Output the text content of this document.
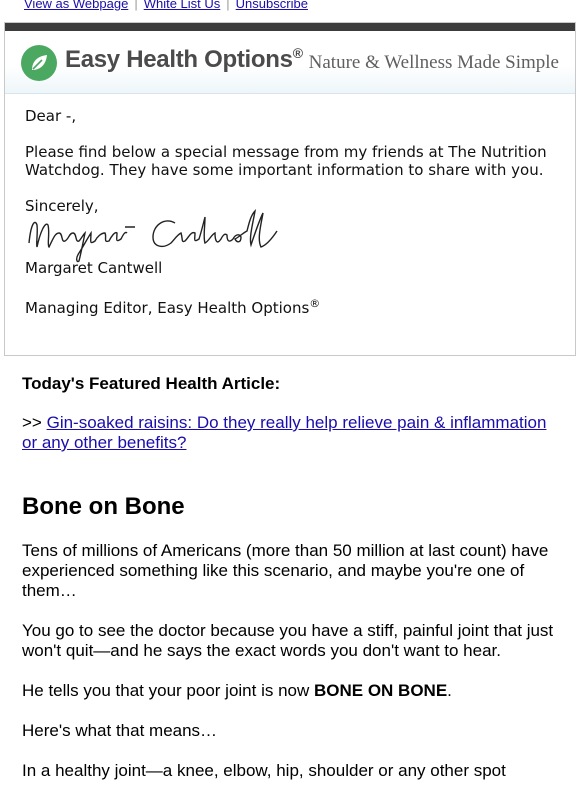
View as Webpage | White List Us | Unsubscribe
Easy Health Options® Nature & Wellness Made Simple

Dear -,

Please find below a special message from my friends at The Nutrition Watchdog. They have some important information to share with you.

Sincerely,

Margaret Cantwell

Managing Editor, Easy Health Options®

Today's Featured Health Article:
>> Gin-soaked raisins: Do they really help relieve pain & inflammation or any other benefits?
Bone on Bone

Tens of millions of Americans (more than 50 million at last count) have experienced something like this scenario, and maybe you're one of them…

You go to see the doctor because you have a stiff, painful joint that just won't quit—and he says the exact words you don't want to hear.

He tells you that your poor joint is now BONE ON BONE.

Here's what that means…

In a healthy joint—a knee, elbow, hip, shoulder or any other spot
